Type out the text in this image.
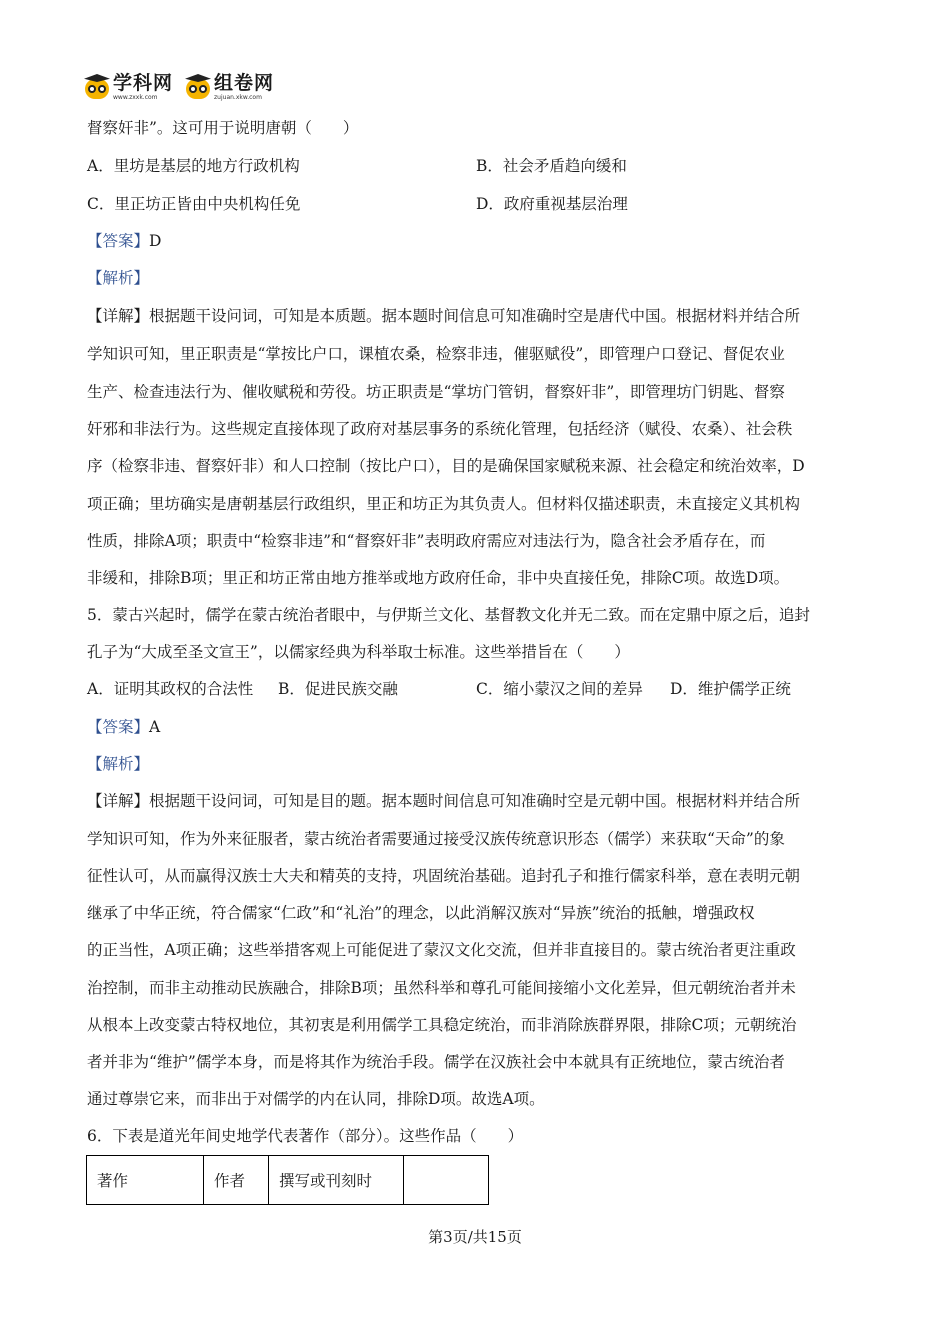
学科网
www.zxxk.com
组卷网
zujuan.xkw.com
督察奸非”。这可用于说明唐朝（　　）
A．里坊是基层的地方行政机构	B．社会矛盾趋向缓和
C．里正坊正皆由中央机构任免	D．政府重视基层治理
【答案】D
【解析】
【详解】根据题干设问词，可知是本质题。据本题时间信息可知准确时空是唐代中国。根据材料并结合所
学知识可知，里正职责是“掌按比户口，课植农桑，检察非违，催驱赋役”，即管理户口登记、督促农业
生产、检查违法行为、催收赋税和劳役。坊正职责是“掌坊门管钥，督察奸非”，即管理坊门钥匙、督察
奸邪和非法行为。这些规定直接体现了政府对基层事务的系统化管理，包括经济（赋役、农桑）、社会秩
序（检察非违、督察奸非）和人口控制（按比户口），目的是确保国家赋税来源、社会稳定和统治效率，D
项正确；里坊确实是唐朝基层行政组织，里正和坊正为其负责人。但材料仅描述职责，未直接定义其机构
性质，排除A项；职责中“检察非违”和“督察奸非”表明政府需应对违法行为，隐含社会矛盾存在，而
非缓和，排除B项；里正和坊正常由地方推举或地方政府任命，非中央直接任免，排除C项。故选D项。
5．蒙古兴起时，儒学在蒙古统治者眼中，与伊斯兰文化、基督教文化并无二致。而在定鼎中原之后，追封
孔子为“大成至圣文宣王”，以儒家经典为科举取士标准。这些举措旨在（　　）
A．证明其政权的合法性 B．促进民族交融	C．缩小蒙汉之间的差异 D．维护儒学正统
【答案】A
【解析】
【详解】根据题干设问词，可知是目的题。据本题时间信息可知准确时空是元朝中国。根据材料并结合所
学知识可知，作为外来征服者，蒙古统治者需要通过接受汉族传统意识形态（儒学）来获取“天命”的象
征性认可，从而赢得汉族士大夫和精英的支持，巩固统治基础。追封孔子和推行儒家科举，意在表明元朝
继承了中华正统，符合儒家“仁政”和“礼治”的理念，以此消解汉族对“异族”统治的抵触，增强政权
的正当性，A项正确；这些举措客观上可能促进了蒙汉文化交流，但并非直接目的。蒙古统治者更注重政
治控制，而非主动推动民族融合，排除B项；虽然科举和尊孔可能间接缩小文化差异，但元朝统治者并未
从根本上改变蒙古特权地位，其初衷是利用儒学工具稳定统治，而非消除族群界限，排除C项；元朝统治
者并非为“维护”儒学本身，而是将其作为统治手段。儒学在汉族社会中本就具有正统地位，蒙古统治者
通过尊崇它来，而非出于对儒学的内在认同，排除D项。故选A项。
6．下表是道光年间史地学代表著作（部分）。这些作品（　　）
著作	作者	撰写或刊刻时	
第3页/共15页
